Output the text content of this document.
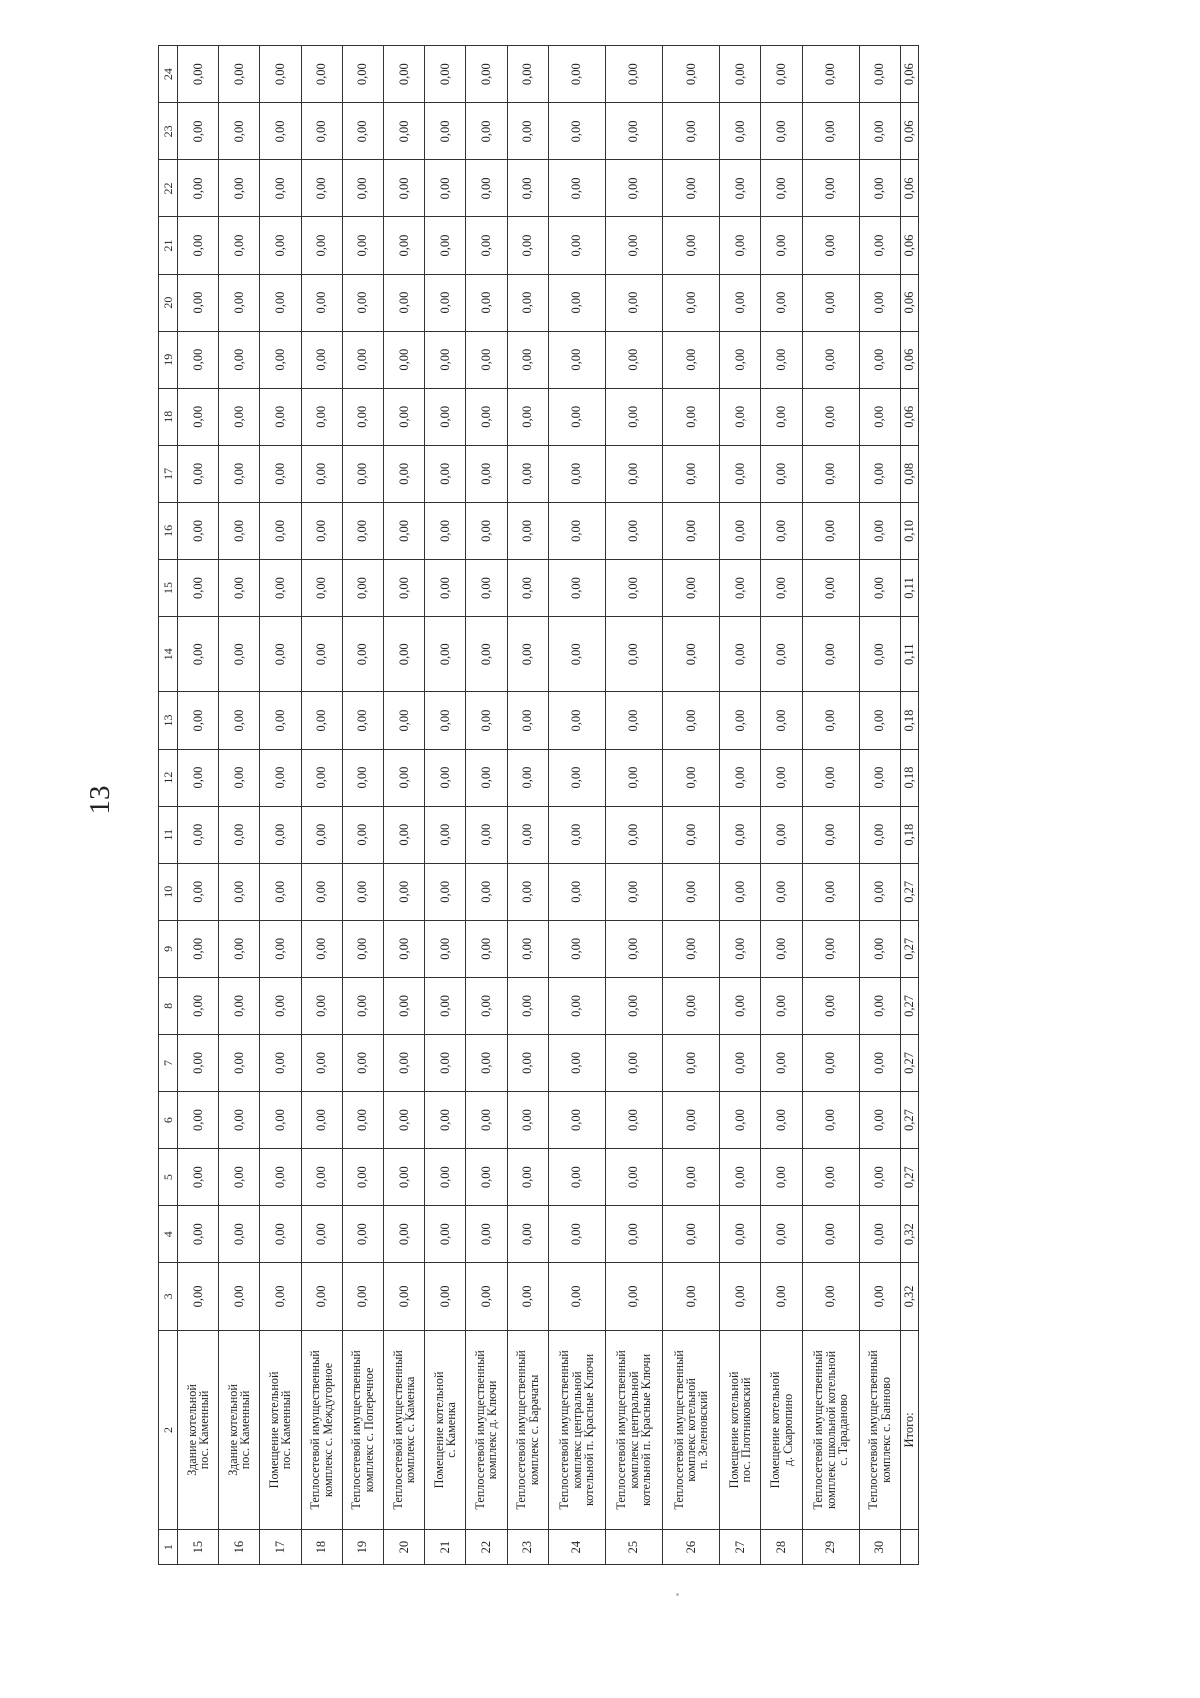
13
1	2	3	4	5	6	7	8	9	10	11	12	13	14	15	16	17	18	19	20	21	22	23	24
15	Здание котельной
пос. Каменный	0,00	0,00	0,00	0,00	0,00	0,00	0,00	0,00	0,00	0,00	0,00	0,00	0,00	0,00	0,00	0,00	0,00	0,00	0,00	0,00	0,00	0,00
16	Здание котельной
пос. Каменный	0,00	0,00	0,00	0,00	0,00	0,00	0,00	0,00	0,00	0,00	0,00	0,00	0,00	0,00	0,00	0,00	0,00	0,00	0,00	0,00	0,00	0,00
17	Помещение котельной
пос. Каменный	0,00	0,00	0,00	0,00	0,00	0,00	0,00	0,00	0,00	0,00	0,00	0,00	0,00	0,00	0,00	0,00	0,00	0,00	0,00	0,00	0,00	0,00
18	Теплосетевой имущественный
комплекс с. Междугорное	0,00	0,00	0,00	0,00	0,00	0,00	0,00	0,00	0,00	0,00	0,00	0,00	0,00	0,00	0,00	0,00	0,00	0,00	0,00	0,00	0,00	0,00
19	Теплосетевой имущественный
комплекс с. Поперечное	0,00	0,00	0,00	0,00	0,00	0,00	0,00	0,00	0,00	0,00	0,00	0,00	0,00	0,00	0,00	0,00	0,00	0,00	0,00	0,00	0,00	0,00
20	Теплосетевой имущественный
комплекс с. Каменка	0,00	0,00	0,00	0,00	0,00	0,00	0,00	0,00	0,00	0,00	0,00	0,00	0,00	0,00	0,00	0,00	0,00	0,00	0,00	0,00	0,00	0,00
21	Помещение котельной
с. Каменка	0,00	0,00	0,00	0,00	0,00	0,00	0,00	0,00	0,00	0,00	0,00	0,00	0,00	0,00	0,00	0,00	0,00	0,00	0,00	0,00	0,00	0,00
22	Теплосетевой имущественный
комплекс д. Ключи	0,00	0,00	0,00	0,00	0,00	0,00	0,00	0,00	0,00	0,00	0,00	0,00	0,00	0,00	0,00	0,00	0,00	0,00	0,00	0,00	0,00	0,00
23	Теплосетевой имущественный
комплекс с. Барачаты	0,00	0,00	0,00	0,00	0,00	0,00	0,00	0,00	0,00	0,00	0,00	0,00	0,00	0,00	0,00	0,00	0,00	0,00	0,00	0,00	0,00	0,00
24	Теплосетевой имущественный
комплекс центральной
котельной п. Красные Ключи	0,00	0,00	0,00	0,00	0,00	0,00	0,00	0,00	0,00	0,00	0,00	0,00	0,00	0,00	0,00	0,00	0,00	0,00	0,00	0,00	0,00	0,00
25	Теплосетевой имущественный
комплекс центральной
котельной п. Красные Ключи	0,00	0,00	0,00	0,00	0,00	0,00	0,00	0,00	0,00	0,00	0,00	0,00	0,00	0,00	0,00	0,00	0,00	0,00	0,00	0,00	0,00	0,00
26	Теплосетевой имущественный
комплекс котельной
п. Зеленовский	0,00	0,00	0,00	0,00	0,00	0,00	0,00	0,00	0,00	0,00	0,00	0,00	0,00	0,00	0,00	0,00	0,00	0,00	0,00	0,00	0,00	0,00
27	Помещение котельной
пос. Плотниковский	0,00	0,00	0,00	0,00	0,00	0,00	0,00	0,00	0,00	0,00	0,00	0,00	0,00	0,00	0,00	0,00	0,00	0,00	0,00	0,00	0,00	0,00
28	Помещение котельной
д. Скарюпино	0,00	0,00	0,00	0,00	0,00	0,00	0,00	0,00	0,00	0,00	0,00	0,00	0,00	0,00	0,00	0,00	0,00	0,00	0,00	0,00	0,00	0,00
29	Теплосетевой имущественный
комплекс школьной котельной
с. Тараданово	0,00	0,00	0,00	0,00	0,00	0,00	0,00	0,00	0,00	0,00	0,00	0,00	0,00	0,00	0,00	0,00	0,00	0,00	0,00	0,00	0,00	0,00
30	Теплосетевой имущественный
комплекс с. Банново	0,00	0,00	0,00	0,00	0,00	0,00	0,00	0,00	0,00	0,00	0,00	0,00	0,00	0,00	0,00	0,00	0,00	0,00	0,00	0,00	0,00	0,00
	Итого:	0,32	0,32	0,27	0,27	0,27	0,27	0,27	0,27	0,18	0,18	0,18	0,11	0,11	0,10	0,08	0,06	0,06	0,06	0,06	0,06	0,06	0,06
